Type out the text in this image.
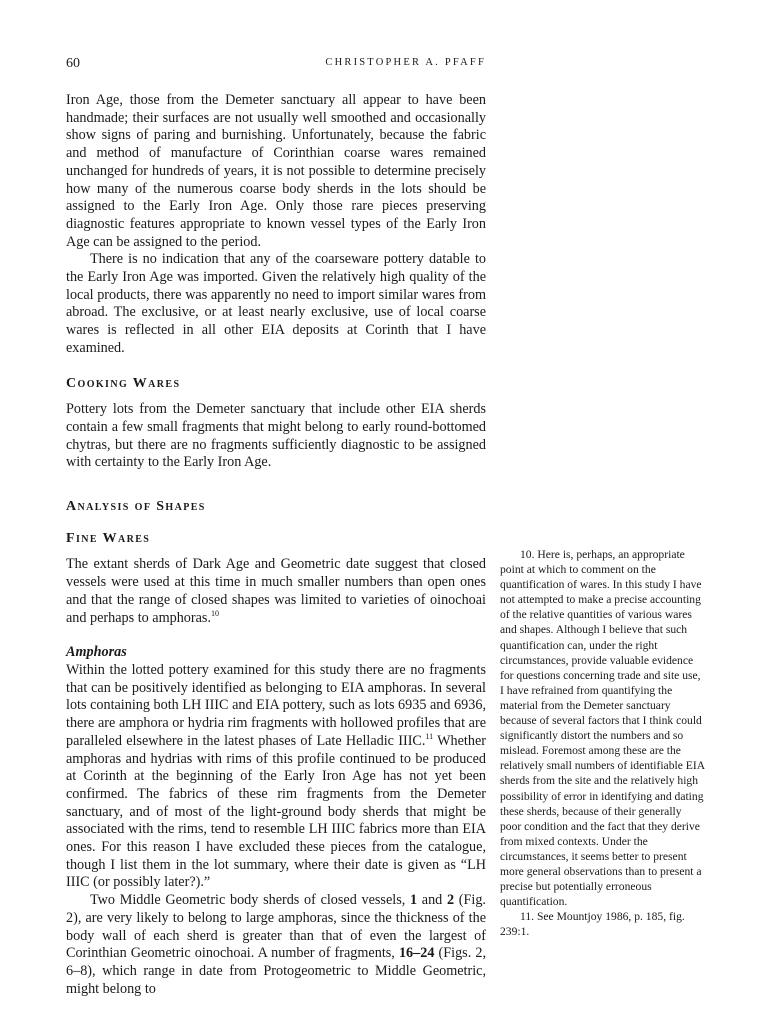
60	CHRISTOPHER A. PFAFF

Iron Age, those from the Demeter sanctuary all appear to have been handmade; their surfaces are not usually well smoothed and occasionally show signs of paring and burnishing. Unfortunately, because the fabric and method of manufacture of Corinthian coarse wares remained unchanged for hundreds of years, it is not possible to determine precisely how many of the numerous coarse body sherds in the lots should be assigned to the Early Iron Age. Only those rare pieces preserving diagnostic features appropriate to known vessel types of the Early Iron Age can be assigned to the period.

There is no indication that any of the coarseware pottery datable to the Early Iron Age was imported. Given the relatively high quality of the local products, there was apparently no need to import similar wares from abroad. The exclusive, or at least nearly exclusive, use of local coarse wares is reflected in all other EIA deposits at Corinth that I have examined.

Cooking Wares

Pottery lots from the Demeter sanctuary that include other EIA sherds contain a few small fragments that might belong to early round-bottomed chytras, but there are no fragments sufficiently diagnostic to be assigned with certainty to the Early Iron Age.

Analysis of Shapes
Fine Wares

The extant sherds of Dark Age and Geometric date suggest that closed vessels were used at this time in much smaller numbers than open ones and that the range of closed shapes was limited to varieties of oinochoai and perhaps to amphoras.$^{10}$

Amphoras

Within the lotted pottery examined for this study there are no fragments that can be positively identified as belonging to EIA amphoras. In several lots containing both LH IIIC and EIA pottery, such as lots 6935 and 6936, there are amphora or hydria rim fragments with hollowed profiles that are paralleled elsewhere in the latest phases of Late Helladic IIIC.$^{11}$ Whether amphoras and hydrias with rims of this profile continued to be produced at Corinth at the beginning of the Early Iron Age has not yet been confirmed. The fabrics of these rim fragments from the Demeter sanctuary, and of most of the light-ground body sherds that might be associated with the rims, tend to resemble LH IIIC fabrics more than EIA ones. For this reason I have excluded these pieces from the catalogue, though I list them in the lot summary, where their date is given as “LH IIIC (or possibly later?).”

Two Middle Geometric body sherds of closed vessels, 1 and 2 (Fig. 2), are very likely to belong to large amphoras, since the thickness of the body wall of each sherd is greater than that of even the largest of Corinthian Geometric oinochoai. A number of fragments, 16–24 (Figs. 2, 6–8), which range in date from Protogeometric to Middle Geometric, might belong to

10. Here is, perhaps, an appropriate point at which to comment on the quantification of wares. In this study I have not attempted to make a precise accounting of the relative quantities of various wares and shapes. Although I believe that such quantification can, under the right circumstances, provide valuable evidence for questions concerning trade and site use, I have refrained from quantifying the material from the Demeter sanctuary because of several factors that I think could significantly distort the numbers and so mislead. Foremost among these are the relatively small numbers of identifiable EIA sherds from the site and the relatively high possibility of error in identifying and dating these sherds, because of their generally poor condition and the fact that they derive from mixed contexts. Under the circumstances, it seems better to present more general observations than to present a precise but potentially erroneous quantification.

11. See Mountjoy 1986, p. 185, fig. 239:1.
